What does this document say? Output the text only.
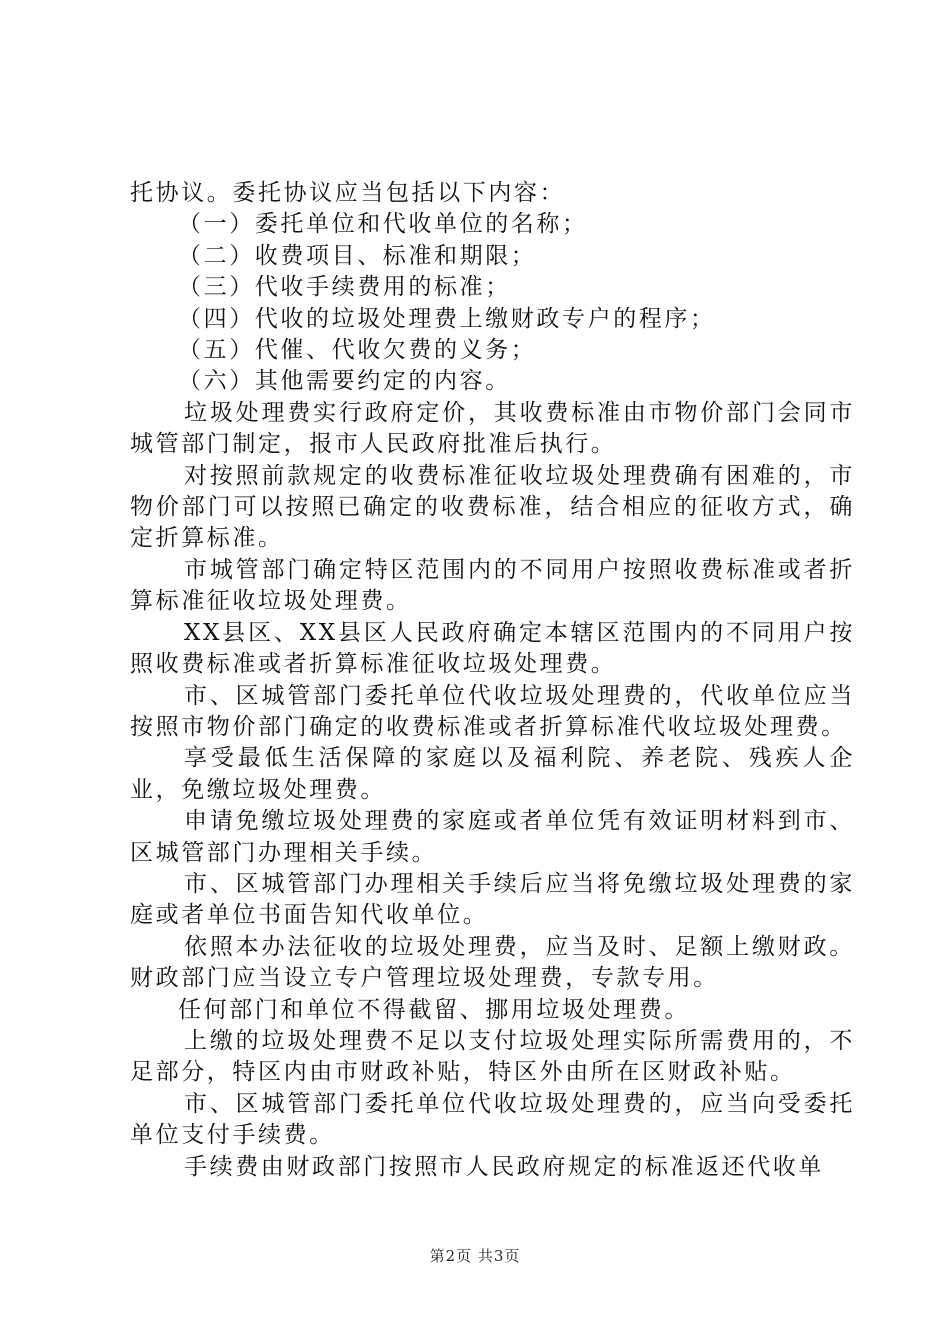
托协议。委托协议应当包括以下内容：

（一）委托单位和代收单位的名称；

（二）收费项目、标准和期限；

（三）代收手续费用的标准；

（四）代收的垃圾处理费上缴财政专户的程序；

（五）代催、代收欠费的义务；

（六）其他需要约定的内容。

垃圾处理费实行政府定价，其收费标准由市物价部门会同市城管部门制定，报市人民政府批准后执行。

对按照前款规定的收费标准征收垃圾处理费确有困难的，市物价部门可以按照已确定的收费标准，结合相应的征收方式，确定折算标准。

市城管部门确定特区范围内的不同用户按照收费标准或者折算标准征收垃圾处理费。

XX县区、XX县区人民政府确定本辖区范围内的不同用户按照收费标准或者折算标准征收垃圾处理费。

市、区城管部门委托单位代收垃圾处理费的，代收单位应当按照市物价部门确定的收费标准或者折算标准代收垃圾处理费。

享受最低生活保障的家庭以及福利院、养老院、残疾人企业，免缴垃圾处理费。

申请免缴垃圾处理费的家庭或者单位凭有效证明材料到市、区城管部门办理相关手续。

市、区城管部门办理相关手续后应当将免缴垃圾处理费的家庭或者单位书面告知代收单位。

依照本办法征收的垃圾处理费，应当及时、足额上缴财政。财政部门应当设立专户管理垃圾处理费，专款专用。

任何部门和单位不得截留、挪用垃圾处理费。

上缴的垃圾处理费不足以支付垃圾处理实际所需费用的，不足部分，特区内由市财政补贴，特区外由所在区财政补贴。

市、区城管部门委托单位代收垃圾处理费的，应当向受委托单位支付手续费。

手续费由财政部门按照市人民政府规定的标准返还代收单

第2页 共3页
